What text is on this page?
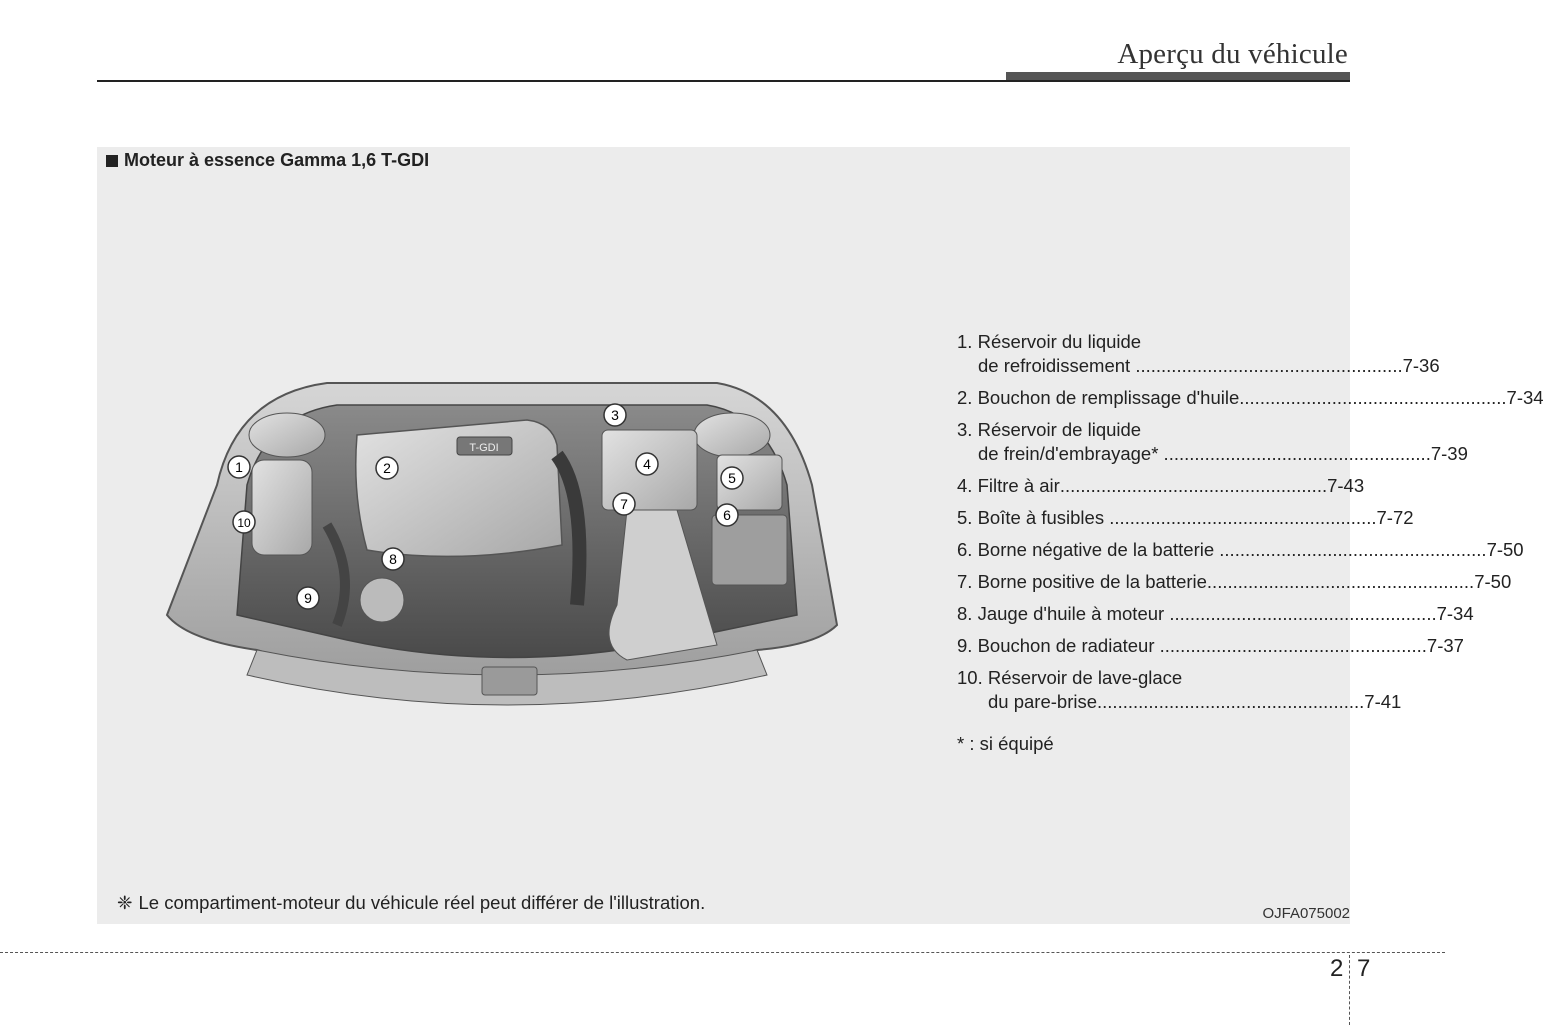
Aperçu du véhicule
Moteur à essence Gamma 1,6 T-GDI
T-GDI
1	2
3
4
5
6
7
8
9
10
1.
Réservoir du liquide
de refroidissement .................................................... 7-36
2.
Bouchon de remplissage d'huile .................................................... 7-34
3.
Réservoir de liquide
de frein/d'embrayage* .................................................... 7-39
4.
Filtre à air .................................................... 7-43
5.
Boîte à fusibles .................................................... 7-72
6.
Borne négative de la batterie .................................................... 7-50
7.
Borne positive de la batterie .................................................... 7-50
8.
Jauge d'huile à moteur .................................................... 7-34
9.
Bouchon de radiateur .................................................... 7-37
10.
Réservoir de lave-glace
du pare-brise .................................................... 7-41
* : si équipé
❈ Le compartiment-moteur du véhicule réel peut différer de l'illustration.
OJFA075002
2 7
